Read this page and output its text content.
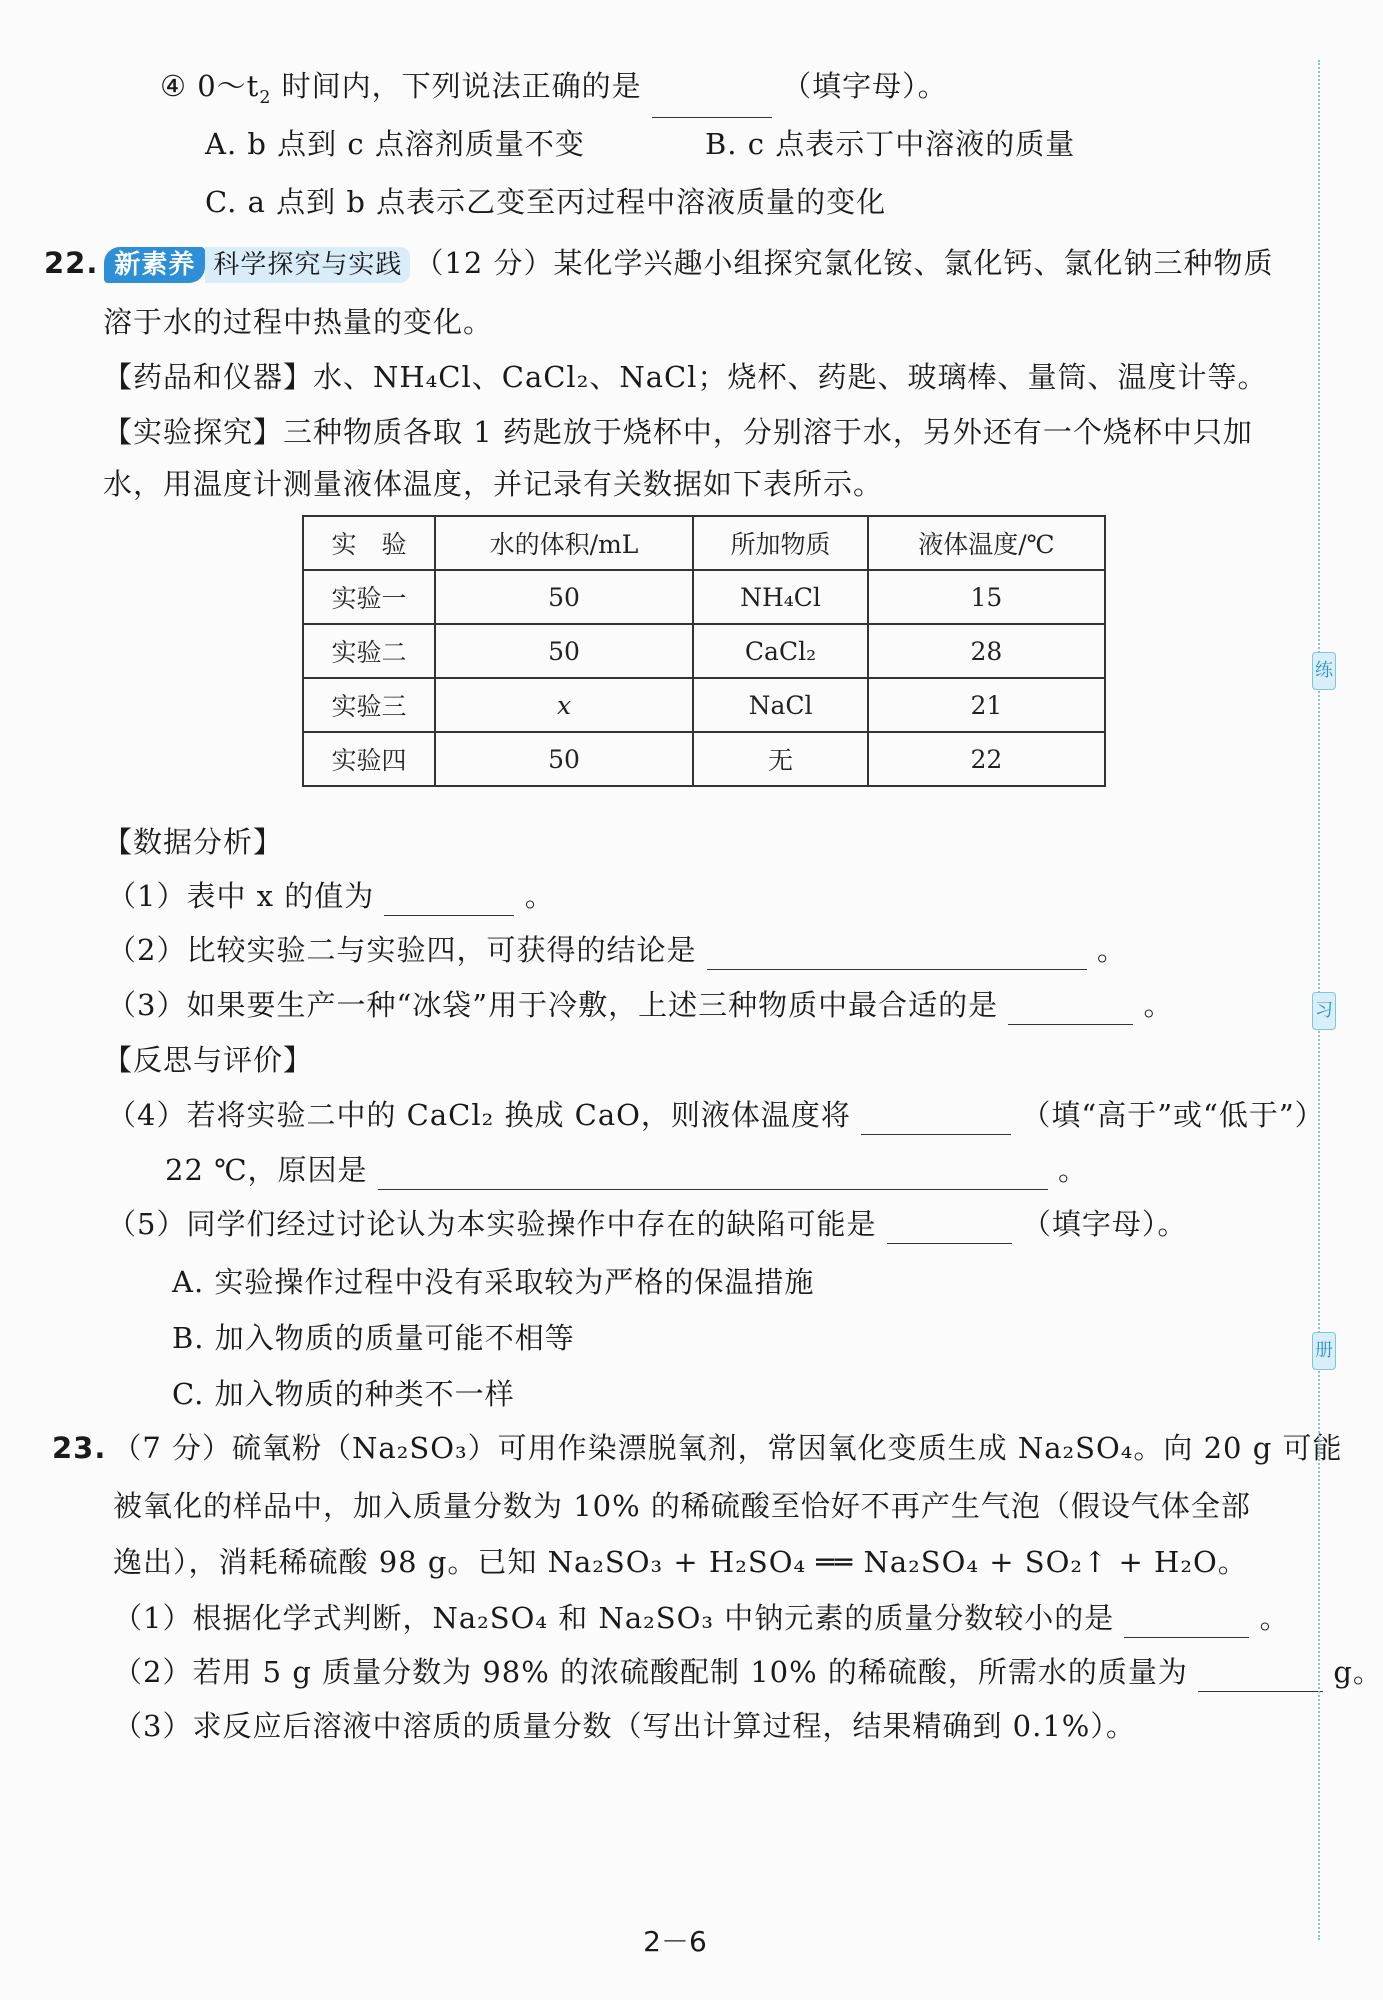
④ $0\sim t_2$ 时间内，下列说法正确的是	（填字母）。
A. b 点到 c 点溶剂质量不变	B. c 点表示丁中溶液的质量
C. a 点到 b 点表示乙变至丙过程中溶液质量的变化
22. 新素养 科学探究与实践 （12 分）某化学兴趣小组探究氯化铵、氯化钙、氯化钠三种物质
溶于水的过程中热量的变化。
【药品和仪器】水、NH₄Cl、CaCl₂、NaCl；烧杯、药匙、玻璃棒、量筒、温度计等。
【实验探究】三种物质各取 1 药匙放于烧杯中，分别溶于水，另外还有一个烧杯中只加
水，用温度计测量液体温度，并记录有关数据如下表所示。
实　验	水的体积/mL	所加物质	液体温度/℃
实验一	50	NH₄Cl	15
实验二	50	CaCl₂	28
实验三	x	NaCl	21
实验四	50	无	22
【数据分析】
（1）表中 x 的值为	。
（2）比较实验二与实验四，可获得的结论是	。
（3）如果要生产一种“冰袋”用于冷敷，上述三种物质中最合适的是	。
【反思与评价】
（4）若将实验二中的 CaCl₂ 换成 CaO，则液体温度将	（填“高于”或“低于”）
22 ℃，原因是	。
（5）同学们经过讨论认为本实验操作中存在的缺陷可能是	（填字母）。
A. 实验操作过程中没有采取较为严格的保温措施
B. 加入物质的质量可能不相等
C. 加入物质的种类不一样
23. （7 分）硫氧粉（Na₂SO₃）可用作染漂脱氧剂，常因氧化变质生成 Na₂SO₄。向 20 g 可能
被氧化的样品中，加入质量分数为 10% 的稀硫酸至恰好不再产生气泡（假设气体全部
逸出），消耗稀硫酸 98 g。已知 Na₂SO₃ + H₂SO₄ ══ Na₂SO₄ + SO₂↑ + H₂O。
（1）根据化学式判断，Na₂SO₄ 和 Na₂SO₃ 中钠元素的质量分数较小的是	。
（2）若用 5 g 质量分数为 98% 的浓硫酸配制 10% 的稀硫酸，所需水的质量为	g。
（3）求反应后溶液中溶质的质量分数（写出计算过程，结果精确到 0.1%）。
练
习
册
2－6
